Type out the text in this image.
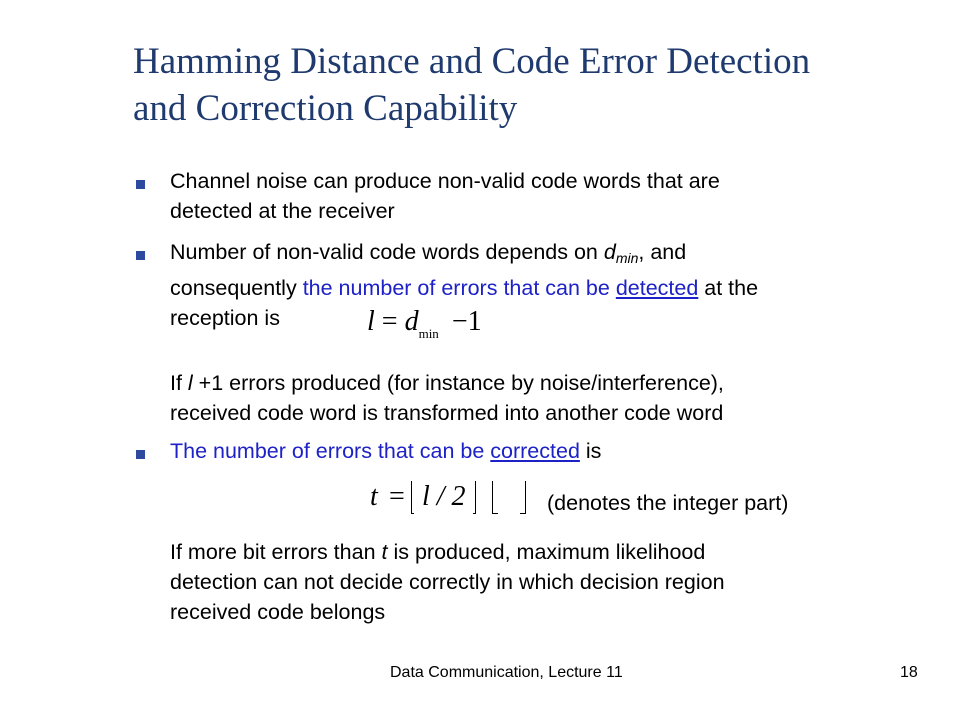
Hamming Distance and Code Error Detection
and Correction Capability
Channel noise can produce non-valid code words that are
detected at the receiver
Number of non-valid code words depends on $d_{min}$, and
consequently the number of errors that can be detected at the
reception is	$l = d_{min} -1$
If l +1 errors produced (for instance by noise/interference),
received code word is transformed into another code word
The number of errors that can be corrected is
t = l / 2	(denotes the integer part)
If more bit errors than t is produced, maximum likelihood
detection can not decide correctly in which decision region
received code belongs
Data Communication, Lecture 11	18
